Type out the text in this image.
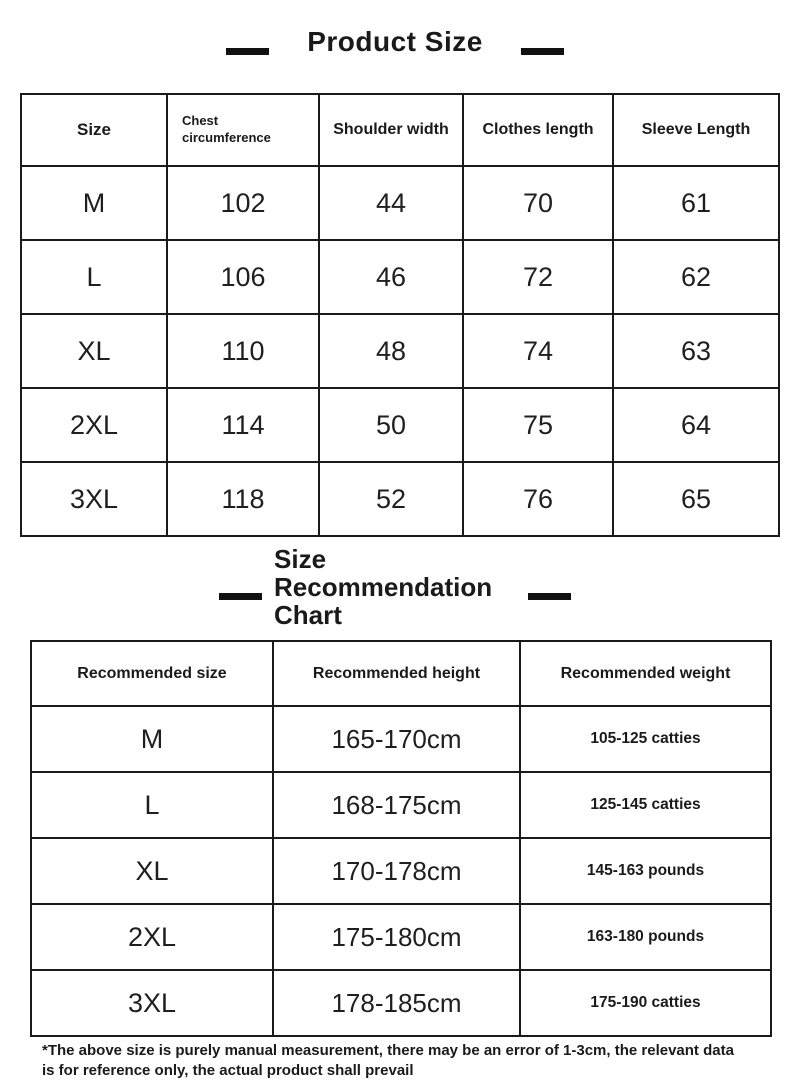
Product Size
Size	Chest circumference	Shoulder width	Clothes length	Sleeve Length
M	102	44	70	61
L	106	46	72	62
XL	110	48	74	63
2XL	114	50	75	64
3XL	118	52	76	65
Size Recommendation Chart
Recommended size	Recommended height	Recommended weight
M	165-170cm	105-125 catties
L	168-175cm	125-145 catties
XL	170-178cm	145-163 pounds
2XL	175-180cm	163-180 pounds
3XL	178-185cm	175-190 catties
*The above size is purely manual measurement, there may be an error of 1-3cm, the relevant data
is for reference only, the actual product shall prevail
